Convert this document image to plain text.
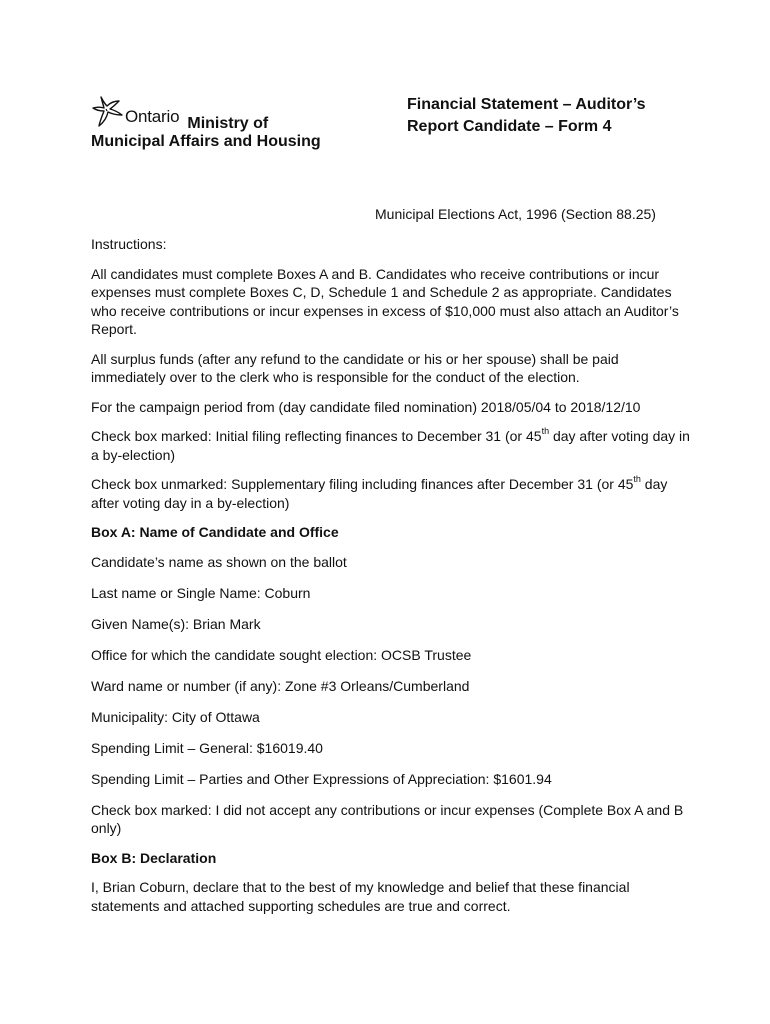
Ontario Ministry of
Municipal Affairs and Housing
Financial Statement – Auditor’s
Report Candidate – Form 4
Municipal Elections Act, 1996 (Section 88.25)

Instructions:

All candidates must complete Boxes A and B. Candidates who receive contributions or incur expenses must complete Boxes C, D, Schedule 1 and Schedule 2 as appropriate. Candidates who receive contributions or incur expenses in excess of $10,000 must also attach an Auditor’s Report.

All surplus funds (after any refund to the candidate or his or her spouse) shall be paid immediately over to the clerk who is responsible for the conduct of the election.

For the campaign period from (day candidate filed nomination) 2018/05/04 to 2018/12/10

Check box marked: Initial filing reflecting finances to December 31 (or 45th day after voting day in a by-election)

Check box unmarked: Supplementary filing including finances after December 31 (or 45th day after voting day in a by-election)

Box A: Name of Candidate and Office

Candidate’s name as shown on the ballot

Last name or Single Name: Coburn

Given Name(s): Brian Mark

Office for which the candidate sought election: OCSB Trustee

Ward name or number (if any): Zone #3 Orleans/Cumberland

Municipality: City of Ottawa

Spending Limit – General: $16019.40

Spending Limit – Parties and Other Expressions of Appreciation: $1601.94

Check box marked: I did not accept any contributions or incur expenses (Complete Box A and B only)

Box B: Declaration

I, Brian Coburn, declare that to the best of my knowledge and belief that these financial statements and attached supporting schedules are true and correct.
